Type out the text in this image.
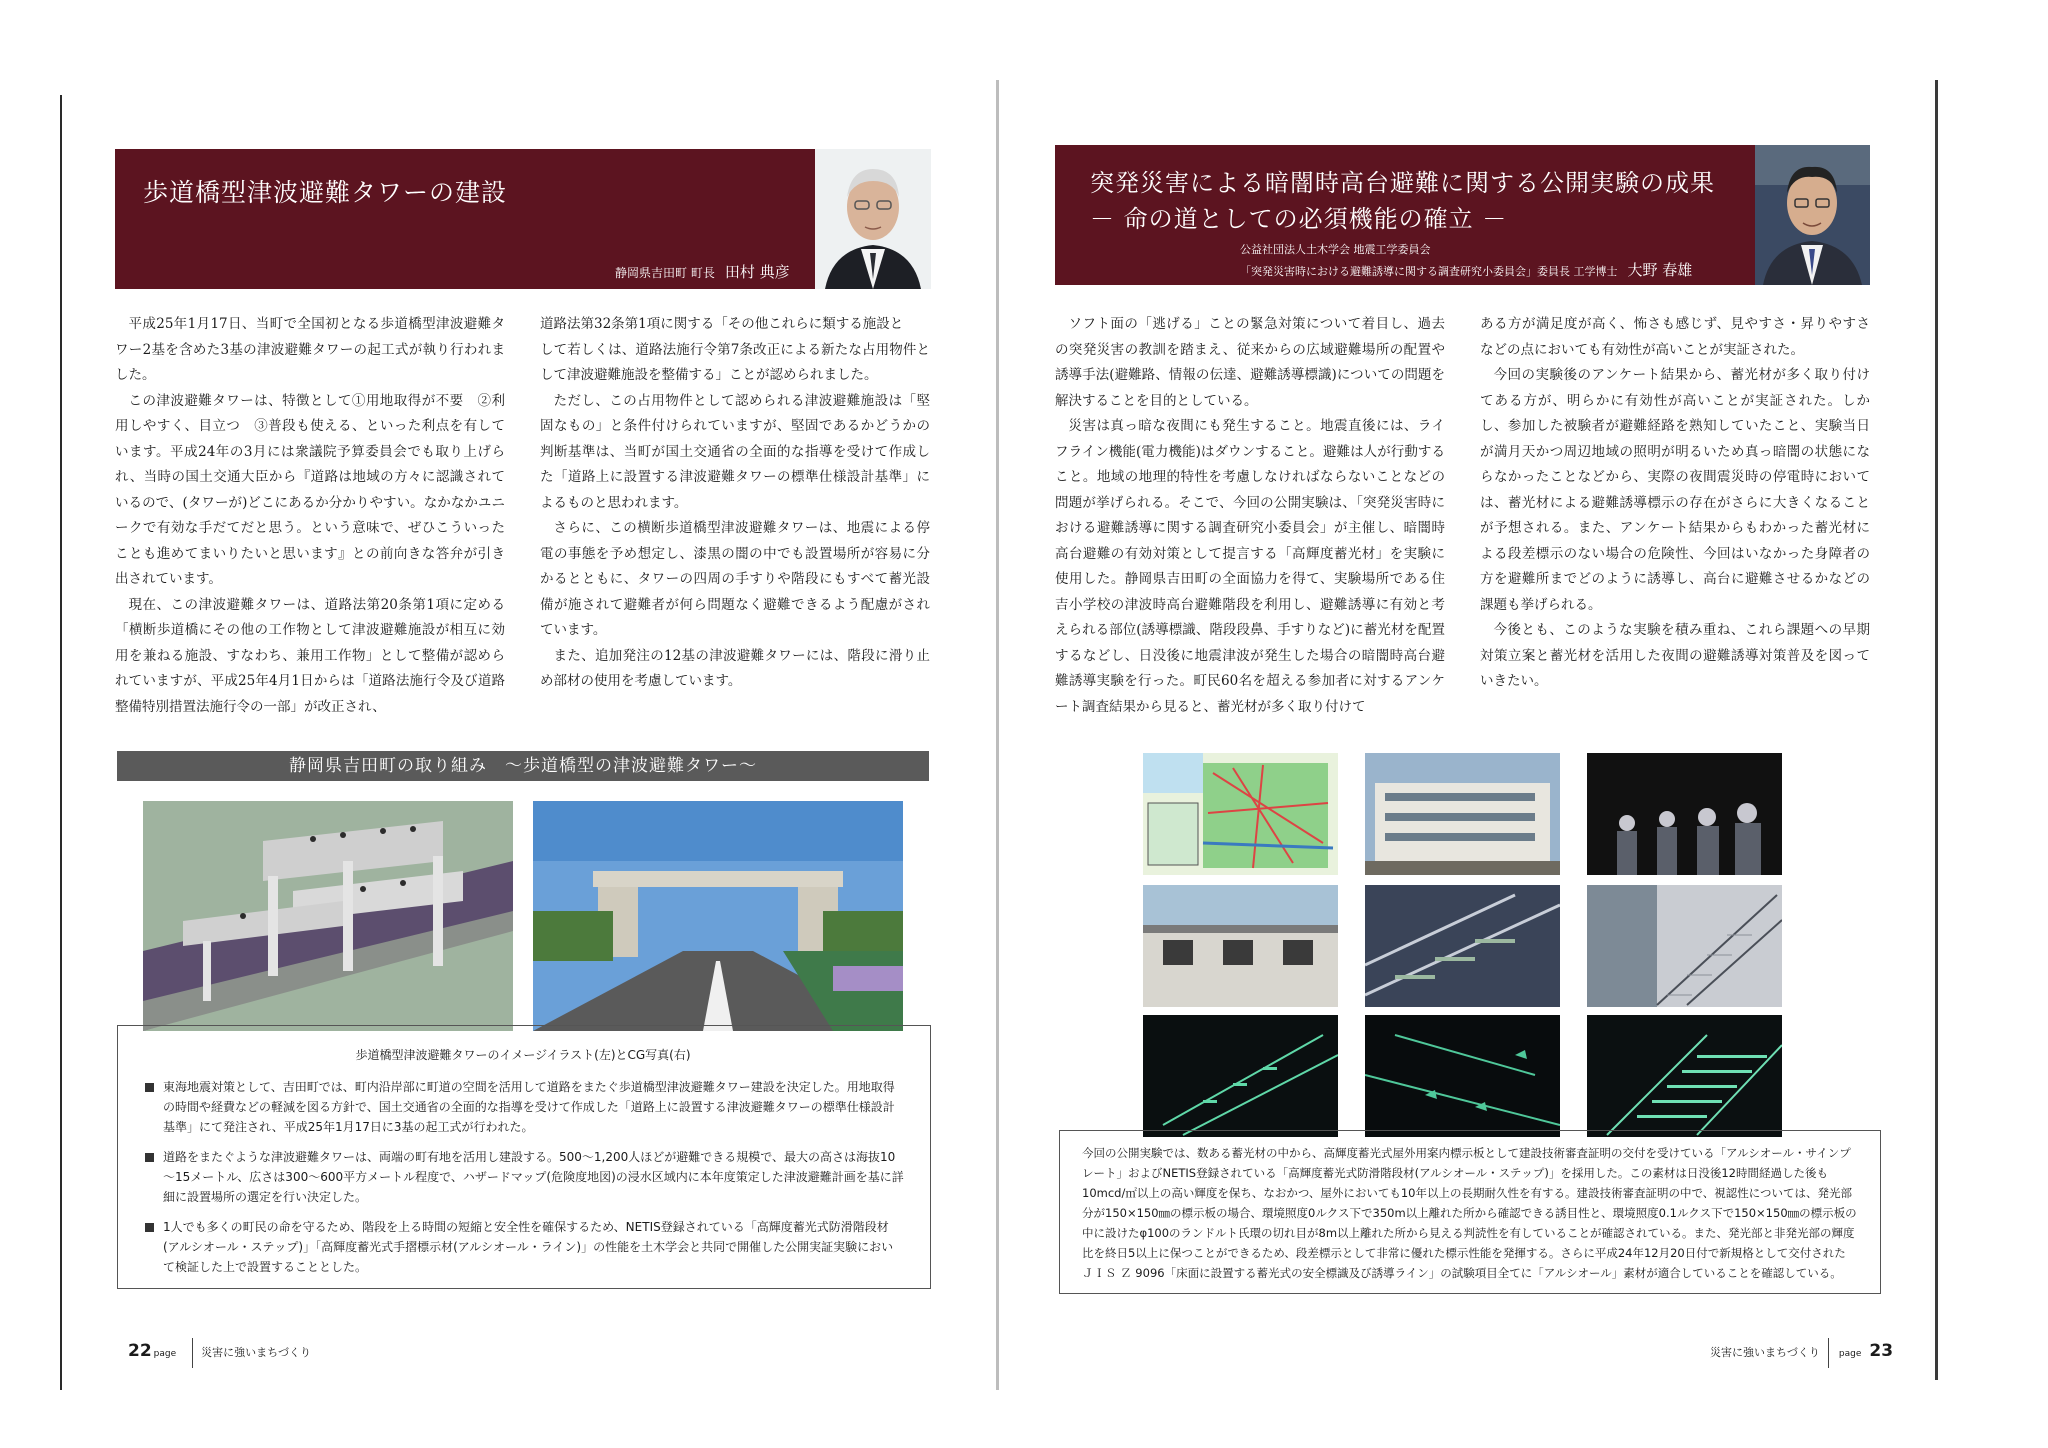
歩道橋型津波避難タワーの建設
静岡県吉田町 町長 田村 典彦

平成25年1月17日、当町で全国初となる歩道橋型津波避難タワー2基を含めた3基の津波避難タワーの起工式が執り行われました。

この津波避難タワーは、特徴として①用地取得が不要　②利用しやすく、目立つ　③普段も使える、といった利点を有しています。平成24年の3月には衆議院予算委員会でも取り上げられ、当時の国土交通大臣から『道路は地域の方々に認識されているので、(タワーが)どこにあるか分かりやすい。なかなかユニークで有効な手だてだと思う。という意味で、ぜひこういったことも進めてまいりたいと思います』との前向きな答弁が引き出されています。

現在、この津波避難タワーは、道路法第20条第1項に定める「横断歩道橋にその他の工作物として津波避難施設が相互に効用を兼ねる施設、すなわち、兼用工作物」として整備が認められていますが、平成25年4月1日からは「道路法施行令及び道路整備特別措置法施行令の一部」が改正され、

道路法第32条第1項に関する「その他これらに類する施設と

して若しくは、道路法施行令第7条改正による新たな占用物件として津波避難施設を整備する」ことが認められました。

ただし、この占用物件として認められる津波避難施設は「堅固なもの」と条件付けられていますが、堅固であるかどうかの判断基準は、当町が国土交通省の全面的な指導を受けて作成した「道路上に設置する津波避難タワーの標準仕様設計基準」によるものと思われます。

さらに、この横断歩道橋型津波避難タワーは、地震による停電の事態を予め想定し、漆黒の闇の中でも設置場所が容易に分かるとともに、タワーの四周の手すりや階段にもすべて蓄光設備が施されて避難者が何ら問題なく避難できるよう配慮がされています。

また、追加発注の12基の津波避難タワーには、階段に滑り止め部材の使用を考慮しています。

静岡県吉田町の取り組み　～歩道橋型の津波避難タワー～
歩道橋型津波避難タワーのイメージイラスト(左)とCG写真(右)
東海地震対策として、吉田町では、町内沿岸部に町道の空間を活用して道路をまたぐ歩道橋型津波避難タワー建設を決定した。用地取得の時間や経費などの軽減を図る方針で、国土交通省の全面的な指導を受けて作成した「道路上に設置する津波避難タワーの標準仕様設計基準」にて発注され、平成25年1月17日に3基の起工式が行われた。
道路をまたぐような津波避難タワーは、両端の町有地を活用し建設する。500～1,200人ほどが避難できる規模で、最大の高さは海抜10～15メートル、広さは300～600平方メートル程度で、ハザードマップ(危険度地図)の浸水区域内に本年度策定した津波避難計画を基に詳細に設置場所の選定を行い決定した。
1人でも多くの町民の命を守るため、階段を上る時間の短縮と安全性を確保するため、NETIS登録されている「高輝度蓄光式防滑階段材(アルシオール・ステップ)」「高輝度蓄光式手摺標示材(アルシオール・ライン)」の性能を土木学会と共同で開催した公開実証実験において検証した上で設置することとした。
22 page 災害に強いまちづくり
突発災害による暗闇時高台避難に関する公開実験の成果
－ 命の道としての必須機能の確立 －
公益社団法人土木学会 地震工学委員会
「突発災害時における避難誘導に関する調査研究小委員会」委員長 工学博士 大野 春雄

ソフト面の「逃げる」ことの緊急対策について着目し、過去の突発災害の教訓を踏まえ、従来からの広域避難場所の配置や誘導手法(避難路、情報の伝達、避難誘導標識)についての問題を解決することを目的としている。

災害は真っ暗な夜間にも発生すること。地震直後には、ライフライン機能(電力機能)はダウンすること。避難は人が行動すること。地域の地理的特性を考慮しなければならないことなどの問題が挙げられる。そこで、今回の公開実験は、「突発災害時における避難誘導に関する調査研究小委員会」が主催し、暗闇時高台避難の有効対策として提言する「高輝度蓄光材」を実験に使用した。静岡県吉田町の全面協力を得て、実験場所である住吉小学校の津波時高台避難階段を利用し、避難誘導に有効と考えられる部位(誘導標識、階段段鼻、手すりなど)に蓄光材を配置するなどし、日没後に地震津波が発生した場合の暗闇時高台避難誘導実験を行った。町民60名を超える参加者に対するアンケート調査結果から見ると、蓄光材が多く取り付けて

ある方が満足度が高く、怖さも感じず、見やすさ・昇りやすさなどの点においても有効性が高いことが実証された。

今回の実験後のアンケート結果から、蓄光材が多く取り付けてある方が、明らかに有効性が高いことが実証された。しかし、参加した被験者が避難経路を熟知していたこと、実験当日が満月天かつ周辺地域の照明が明るいため真っ暗闇の状態にならなかったことなどから、実際の夜間震災時の停電時においては、蓄光材による避難誘導標示の存在がさらに大きくなることが予想される。また、アンケート結果からもわかった蓄光材による段差標示のない場合の危険性、今回はいなかった身障者の方を避難所までどのように誘導し、高台に避難させるかなどの課題も挙げられる。

今後とも、このような実験を積み重ね、これら課題への早期対策立案と蓄光材を活用した夜間の避難誘導対策普及を図っていきたい。

今回の公開実験では、数ある蓄光材の中から、高輝度蓄光式屋外用案内標示板として建設技術審査証明の交付を受けている「アルシオール・サインプレート」およびNETIS登録されている「高輝度蓄光式防滑階段材(アルシオール・ステップ)」を採用した。この素材は日没後12時間経過した後も10mcd/㎡以上の高い輝度を保ち、なおかつ、屋外においても10年以上の長期耐久性を有する。建設技術審査証明の中で、視認性については、発光部分が150×150㎜の標示板の場合、環境照度0ルクス下で350m以上離れた所から確認できる誘目性と、環境照度0.1ルクス下で150×150㎜の標示板の中に設けたφ100のランドルト氏環の切れ目が8m以上離れた所から見える判読性を有していることが確認されている。また、発光部と非発光部の輝度比を終日5以上に保つことができるため、段差標示として非常に優れた標示性能を発揮する。さらに平成24年12月20日付で新規格として交付されたＪＩＳ Ｚ 9096「床面に設置する蓄光式の安全標識及び誘導ライン」の試験項目全てに「アルシオール」素材が適合していることを確認している。
災害に強いまちづくり page 23
